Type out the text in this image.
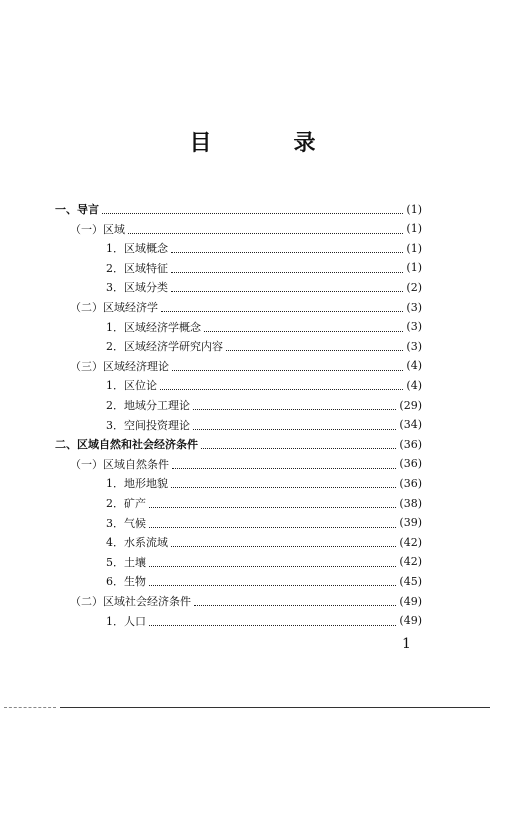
目　录
一、导言	(1)
（一）区域	(1)
1．区域概念	(1)
2．区域特征	(1)
3．区域分类	(2)
（二）区域经济学	(3)
1．区域经济学概念	(3)
2．区域经济学研究内容	(3)
（三）区域经济理论	(4)
1．区位论	(4)
2．地域分工理论	(29)
3．空间投资理论	(34)
二、区域自然和社会经济条件	(36)
（一）区域自然条件	(36)
1．地形地貌	(36)
2．矿产	(38)
3．气候	(39)
4．水系流域	(42)
5．土壤	(42)
6．生物	(45)
（二）区域社会经济条件	(49)
1．人口	(49)
1
